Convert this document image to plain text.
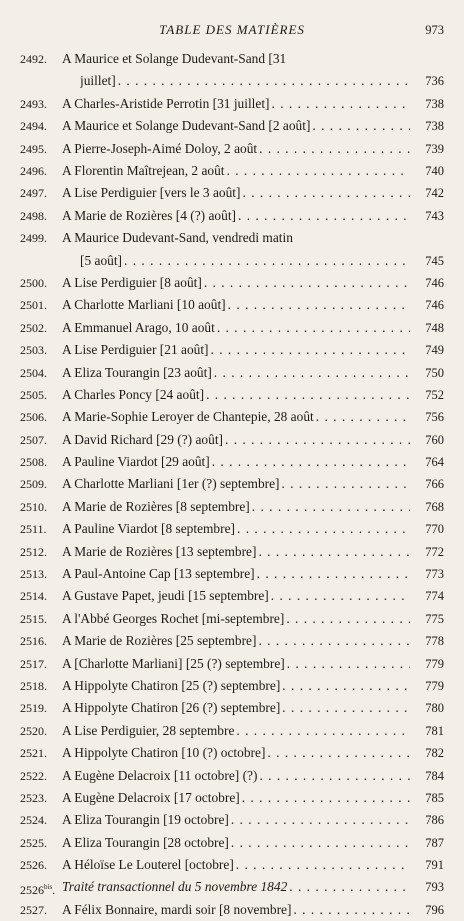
TABLE DES MATIÈRES	973
2492. A Maurice et Solange Dudevant-Sand [31
juillet] . . .	736
2493. A Charles-Aristide Perrotin [31 juillet] . . .	738
2494. A Maurice et Solange Dudevant-Sand [2 août] . . .	738
2495. A Pierre-Joseph-Aimé Doloy, 2 août . . .	739
2496. A Florentin Maîtrejean, 2 août . . .	740
2497. A Lise Perdiguier [vers le 3 août] . . .	742
2498. A Marie de Rozières [4 (?) août] . . .	743
2499. A Maurice Dudevant-Sand, vendredi matin
[5 août] . . .	745
2500. A Lise Perdiguier [8 août] . . .	746
2501. A Charlotte Marliani [10 août] . . .	746
2502. A Emmanuel Arago, 10 août . . .	748
2503. A Lise Perdiguier [21 août] . . .	749
2504. A Eliza Tourangin [23 août] . . .	750
2505. A Charles Poncy [24 août] . . .	752
2506. A Marie-Sophie Leroyer de Chantepie, 28 août . . .	756
2507. A David Richard [29 (?) août] . . .	760
2508. A Pauline Viardot [29 août] . . .	764
2509. A Charlotte Marliani [1er (?) septembre] . . .	766
2510. A Marie de Rozières [8 septembre] . . .	768
2511. A Pauline Viardot [8 septembre] . . .	770
2512. A Marie de Rozières [13 septembre] . . .	772
2513. A Paul-Antoine Cap [13 septembre] . . .	773
2514. A Gustave Papet, jeudi [15 septembre] . . .	774
2515. A l'Abbé Georges Rochet [mi-septembre] . . .	775
2516. A Marie de Rozières [25 septembre] . . .	778
2517. A [Charlotte Marliani] [25 (?) septembre] . . .	779
2518. A Hippolyte Chatiron [25 (?) septembre] . . .	779
2519. A Hippolyte Chatiron [26 (?) septembre] . . .	780
2520. A Lise Perdiguier, 28 septembre . . .	781
2521. A Hippolyte Chatiron [10 (?) octobre] . . .	782
2522. A Eugène Delacroix [11 octobre] (?) . . .	784
2523. A Eugène Delacroix [17 octobre] . . .	785
2524. A Eliza Tourangin [19 octobre] . . .	786
2525. A Eliza Tourangin [28 octobre] . . .	787
2526. A Héloïse Le Louterel [octobre] . . .	791
$2526^{bis}$. Traité transactionnel du 5 novembre 1842 . . .	793
2527. A Félix Bonnaire, mardi soir [8 novembre] . . .	796
